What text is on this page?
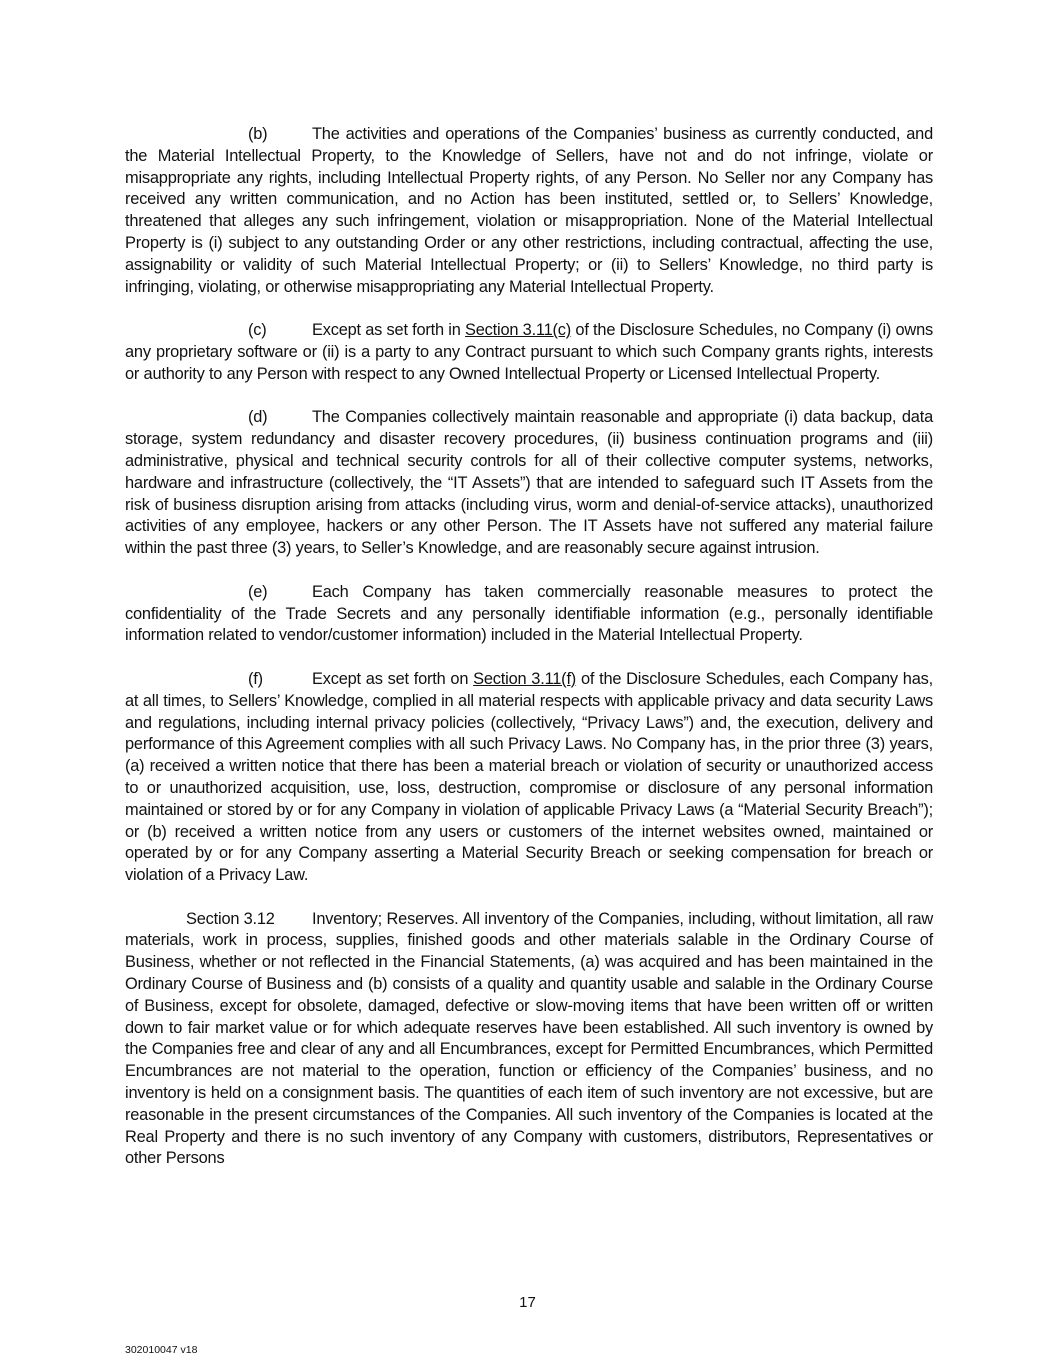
(b)	The activities and operations of the Companies’ business as currently conducted, and the Material Intellectual Property, to the Knowledge of Sellers, have not and do not infringe, violate or misappropriate any rights, including Intellectual Property rights, of any Person. No Seller nor any Company has received any written communication, and no Action has been instituted, settled or, to Sellers’ Knowledge, threatened that alleges any such infringement, violation or misappropriation. None of the Material Intellectual Property is (i) subject to any outstanding Order or any other restrictions, including contractual, affecting the use, assignability or validity of such Material Intellectual Property; or (ii) to Sellers’ Knowledge, no third party is infringing, violating, or otherwise misappropriating any Material Intellectual Property.

(c)	Except as set forth in Section 3.11(c) of the Disclosure Schedules, no Company (i) owns any proprietary software or (ii) is a party to any Contract pursuant to which such Company grants rights, interests or authority to any Person with respect to any Owned Intellectual Property or Licensed Intellectual Property.

(d)	The Companies collectively maintain reasonable and appropriate (i) data backup, data storage, system redundancy and disaster recovery procedures, (ii) business continuation programs and (iii) administrative, physical and technical security controls for all of their collective computer systems, networks, hardware and infrastructure (collectively, the “IT Assets”) that are intended to safeguard such IT Assets from the risk of business disruption arising from attacks (including virus, worm and denial-of-service attacks), unauthorized activities of any employee, hackers or any other Person. The IT Assets have not suffered any material failure within the past three (3) years, to Seller’s Knowledge, and are reasonably secure against intrusion.

(e)	Each Company has taken commercially reasonable measures to protect the confidentiality of the Trade Secrets and any personally identifiable information (e.g., personally identifiable information related to vendor/customer information) included in the Material Intellectual Property.

(f)	Except as set forth on Section 3.11(f) of the Disclosure Schedules, each Company has, at all times, to Sellers’ Knowledge, complied in all material respects with applicable privacy and data security Laws and regulations, including internal privacy policies (collectively, “Privacy Laws”) and, the execution, delivery and performance of this Agreement complies with all such Privacy Laws. No Company has, in the prior three (3) years, (a) received a written notice that there has been a material breach or violation of security or unauthorized access to or unauthorized acquisition, use, loss, destruction, compromise or disclosure of any personal information maintained or stored by or for any Company in violation of applicable Privacy Laws (a “Material Security Breach”); or (b) received a written notice from any users or customers of the internet websites owned, maintained or operated by or for any Company asserting a Material Security Breach or seeking compensation for breach or violation of a Privacy Law.

Section 3.12 Inventory; Reserves. All inventory of the Companies, including, without limitation, all raw materials, work in process, supplies, finished goods and other materials salable in the Ordinary Course of Business, whether or not reflected in the Financial Statements, (a) was acquired and has been maintained in the Ordinary Course of Business and (b) consists of a quality and quantity usable and salable in the Ordinary Course of Business, except for obsolete, damaged, defective or slow-moving items that have been written off or written down to fair market value or for which adequate reserves have been established. All such inventory is owned by the Companies free and clear of any and all Encumbrances, except for Permitted Encumbrances, which Permitted Encumbrances are not material to the operation, function or efficiency of the Companies’ business, and no inventory is held on a consignment basis. The quantities of each item of such inventory are not excessive, but are reasonable in the present circumstances of the Companies. All such inventory of the Companies is located at the Real Property and there is no such inventory of any Company with customers, distributors, Representatives or other Persons

17
302010047 v18
